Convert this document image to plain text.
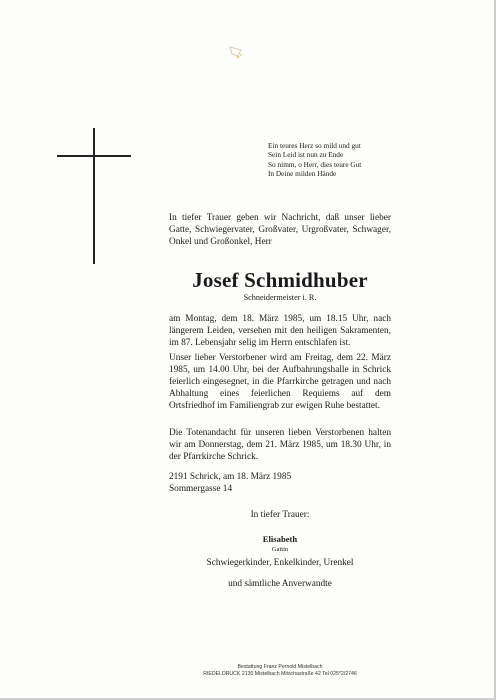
Ein teures Herz so mild und gut
Sein Leid ist nun zu Ende
So nimm, o Herr, dies teure Gut
In Deine milden Hände
In tiefer Trauer geben wir Nachricht, daß unser lieber Gatte, Schwiegervater, Großvater, Urgroßvater, Schwager, Onkel und Großonkel, Herr
Josef Schmidhuber
Schneidermeister i. R.
am Montag, dem 18. März 1985, um 18.15 Uhr, nach längerem Leiden, versehen mit den heiligen Sakramenten, im 87. Lebensjahr selig im Herrn entschlafen ist.
Unser lieber Verstorbener wird am Freitag, dem 22. März 1985, um 14.00 Uhr, bei der Aufbahrungshalle in Schrick feierlich eingesegnet, in die Pfarrkirche getragen und nach Abhaltung eines feierlichen Requiems auf dem Ortsfriedhof im Familiengrab zur ewigen Ruhe bestattet.
Die Totenandacht für unseren lieben Verstorbenen halten wir am Donnerstag, dem 21. März 1985, um 18.30 Uhr, in der Pfarrkirche Schrick.
2191 Schrick, am 18. März 1985
Sommergasse 14
In tiefer Trauer:
Elisabeth
Gattin
Schwiegerkinder, Enkelkinder, Urenkel
und sämtliche Anverwandte
Bestattung Franz Pernold Mistelbach
RIEDELDRUCK 2130 Mistelbach Mitschastraße 42 Tel 025*2/2746
